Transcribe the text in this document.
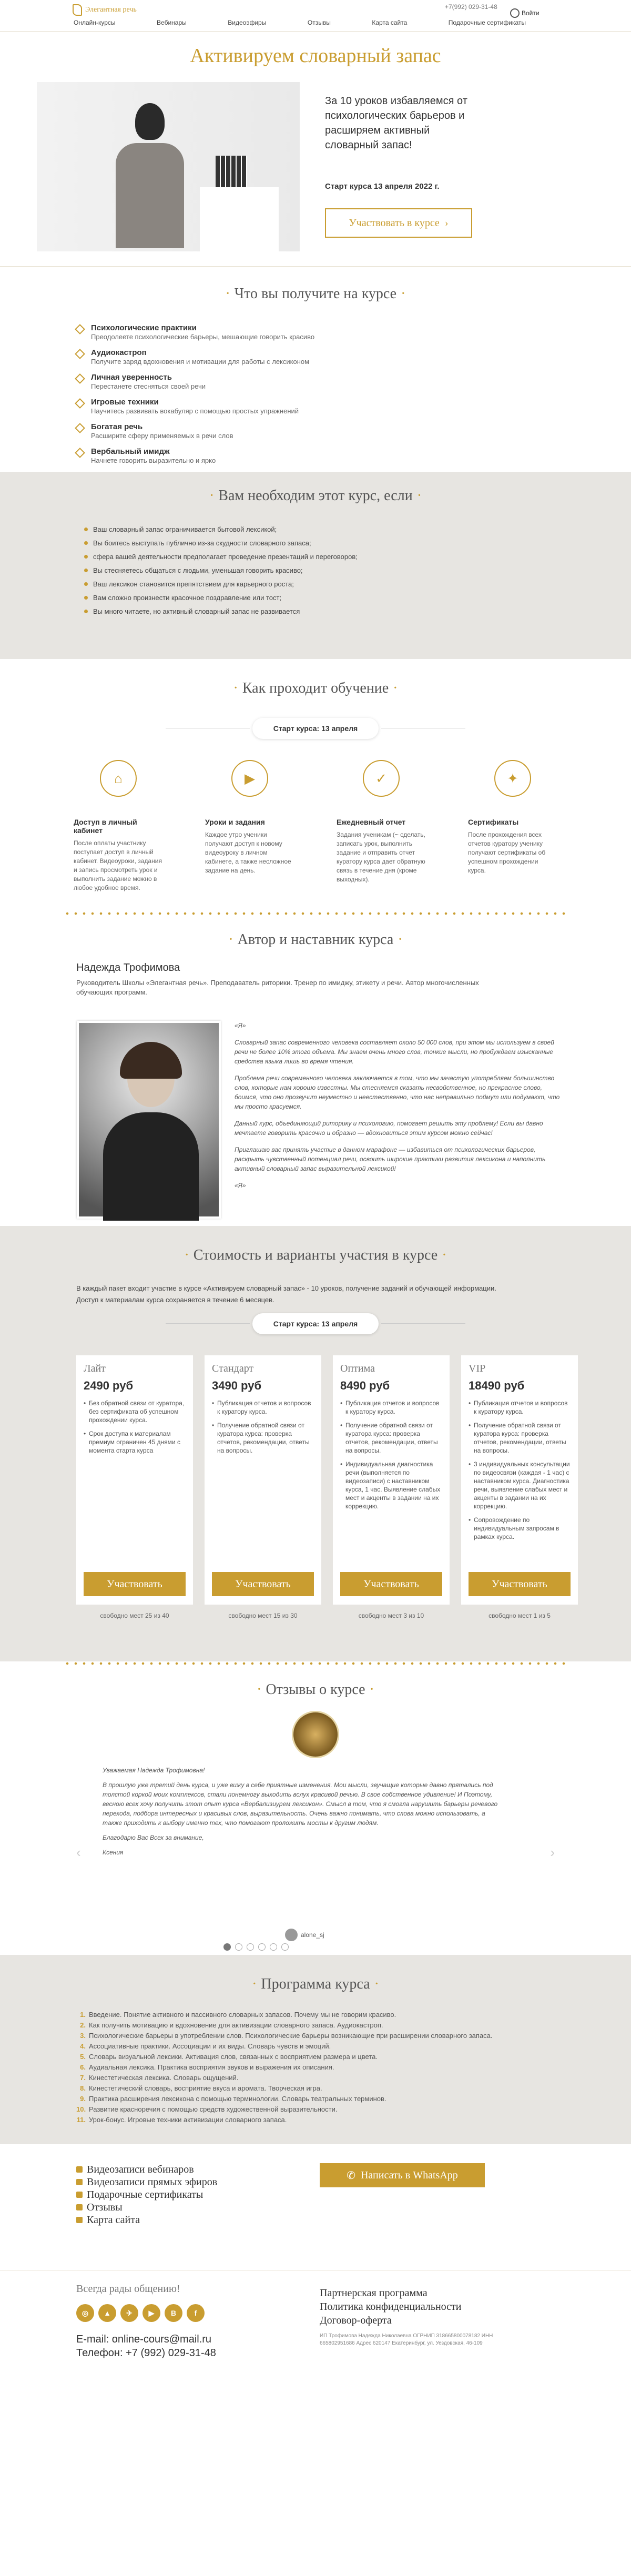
Элегантная речь	+7(992) 029-31-48
Войти
Онлайн-курсы	Вебинары	Видеоэфиры	Отзывы	Карта сайта	Подарочные сертификаты
Активируем словарный запас
За 10 уроков избавляемся от психологических барьеров и расширяем активный словарный запас!
Старт курса 13 апреля 2022 г.
Участвовать в курсе ›
· Что вы получите на курсе ·
Психологические практики
Преодолеете психологические барьеры, мешающие говорить красиво
Аудиокастроп
Получите заряд вдохновения и мотивации для работы с лексиконом
Личная уверенность
Перестанете стесняться своей речи
Игровые техники
Научитесь развивать вокабуляр с помощью простых упражнений
Богатая речь
Расширите сферу применяемых в речи слов
Вербальный имидж
Начнете говорить выразительно и ярко
· Вам необходим этот курс, если ·
Ваш словарный запас ограничивается бытовой лексикой;
Вы боитесь выступать публично из-за скудности словарного запаса;
сфера вашей деятельности предполагает проведение презентаций и переговоров;
Вы стесняетесь общаться с людьми, уменьшая говорить красиво;
Ваш лексикон становится препятствием для карьерного роста;
Вам сложно произнести красочное поздравление или тост;
Вы много читаете, но активный словарный запас не развивается
· Как проходит обучение ·
Старт курса: 13 апреля
⌂
Доступ в личный кабинет

После оплаты участнику поступает доступ в личный кабинет. Видеоуроки, задания и запись просмотреть урок и выполнить задание можно в любое удобное время.

▶
Уроки и задания

Каждое утро ученики получают доступ к новому видеоуроку в личном кабинете, а также несложное задание на день.

✓
Ежедневный отчет

Задания ученикам (~ сделать, записать урок, выполнить задание и отправить отчет куратору курса дает обратную связь в течение дня (кроме выходных).

✦
Сертификаты

После прохождения всех отчетов куратору ученику получают сертификаты об успешном прохождении курса.

· Автор и наставник курса ·
Надежда Трофимова
Руководитель Школы «Элегантная речь». Преподаватель риторики. Тренер по имиджу, этикету и речи. Автор многочисленных обучающих программ.

«Я»

Словарный запас современного человека составляет около 50 000 слов, при этом мы используем в своей речи не более 10% этого объема. Мы знаем очень много слов, тонкие мысли, но пробуждаем изысканные средства языка лишь во время чтения.

Проблема речи современного человека заключается в том, что мы зачастую употребляем большинство слов, которые нам хорошо известны. Мы стесняемся сказать несвойственное, но прекрасное слово, боимся, что оно прозвучит неуместно и неестественно, что нас неправильно поймут или подумают, что мы просто красуемся.

Данный курс, объединяющий риторику и психологию, помогает решить эту проблему! Если вы давно мечтаете говорить красочно и образно — вдохновиться этим курсом можно сейчас!

Приглашаю вас принять участие в данном марафоне — избавиться от психологических барьеров, раскрыть чувственный потенциал речи, освоить широкие практики развития лексикона и наполнить активный словарный запас выразительной лексикой!

«Я»

· Стоимость и варианты участия в курсе ·
В каждый пакет входит участие в курсе «Активируем словарный запас» - 10 уроков, получение заданий и обучающей информации.
Доступ к материалам курса сохраняется в течение 6 месяцев.
Старт курса: 13 апреля
Лайт
2490 руб
• Без обратной связи от куратора, без сертификата об успешном прохождении курса.
• Срок доступа к материалам премиум ограничен 45 днями с момента старта курса
Участвовать
свободно мест 25 из 40
Стандарт
3490 руб
• Публикация отчетов и вопросов к куратору курса.
• Получение обратной связи от куратора курса: проверка отчетов, рекомендации, ответы на вопросы.
Участвовать
свободно мест 15 из 30
Оптима
8490 руб
• Публикация отчетов и вопросов к куратору курса.
• Получение обратной связи от куратора курса: проверка отчетов, рекомендации, ответы на вопросы.
• Индивидуальная диагностика речи (выполняется по видеозаписи) с наставником курса, 1 час. Выявление слабых мест и акценты в задании на их коррекцию.
Участвовать
свободно мест 3 из 10
VIP
18490 руб
• Публикация отчетов и вопросов к куратору курса.
• Получение обратной связи от куратора курса: проверка отчетов, рекомендации, ответы на вопросы.
• 3 индивидуальных консультации по видеосвязи (каждая - 1 час) с наставником курса. Диагностика речи, выявление слабых мест и акценты в задании на их коррекцию.
• Сопровождение по индивидуальным запросам в рамках курса.
Участвовать
свободно мест 1 из 5
· Отзывы о курсе ·
‹	›

Уважаемая Надежда Трофимовна!

В прошлую уже третий день курса, и уже вижу в себе приятные изменения. Мои мысли, звучащие которые давно прятались под толстой коркой моих комплексов, стали понемногу выходить вслух красивой речью. В свое собственное удивление! И Поэтому, весною всех хочу получить этот опыт курса «Вербализиурем лексикон». Смысл в том, что я смогла нарушить барьеры речевого перехода, подбора интересных и красивых слов, выразительность. Очень важно понимать, что слова можно использовать, а также приходить к выбору именно тех, что помогают проложить мосты к другим людям.

Благодарю Вас Всех за внимание,

Ксения

alone_sj
· Программа курса ·
Введение. Понятие активного и пассивного словарных запасов. Почему мы не говорим красиво.
Как получить мотивацию и вдохновение для активизации словарного запаса. Аудиокастроп.
Психологические барьеры в употреблении слов. Психологические барьеры возникающие при расширении словарного запаса.
Ассоциативные практики. Ассоциации и их виды. Словарь чувств и эмоций.
Словарь визуальной лексики. Активация слов, связанных с восприятием размера и цвета.
Аудиальная лексика. Практика восприятия звуков и выражения их описания.
Кинестетическая лексика. Словарь ощущений.
Кинестетический словарь, восприятие вкуса и аромата. Творческая игра.
Практика расширения лексикона с помощью терминологии. Словарь театральных терминов.
Развитие красноречия с помощью средств художественной выразительности.
Урок-бонус. Игровые техники активизации словарного запаса.
Видеозаписи вебинаров
Видеозаписи прямых эфиров
Подарочные сертификаты
Отзывы
Карта сайта
✆ Написать в WhatsApp
Всегда рады общению!
◎	▲	✈	▶	В	f
E-mail: online-cours@mail.ru
Телефон: +7 (992) 029-31-48
Партнерская программа
Политика конфиденциальности
Договор-оферта
ИП Трофимова Надежда Николаевна ОГРНИП 318665800078182 ИНН 665802951686 Адрес 620147 Екатеринбург, ул. Уездовская, 46-109
